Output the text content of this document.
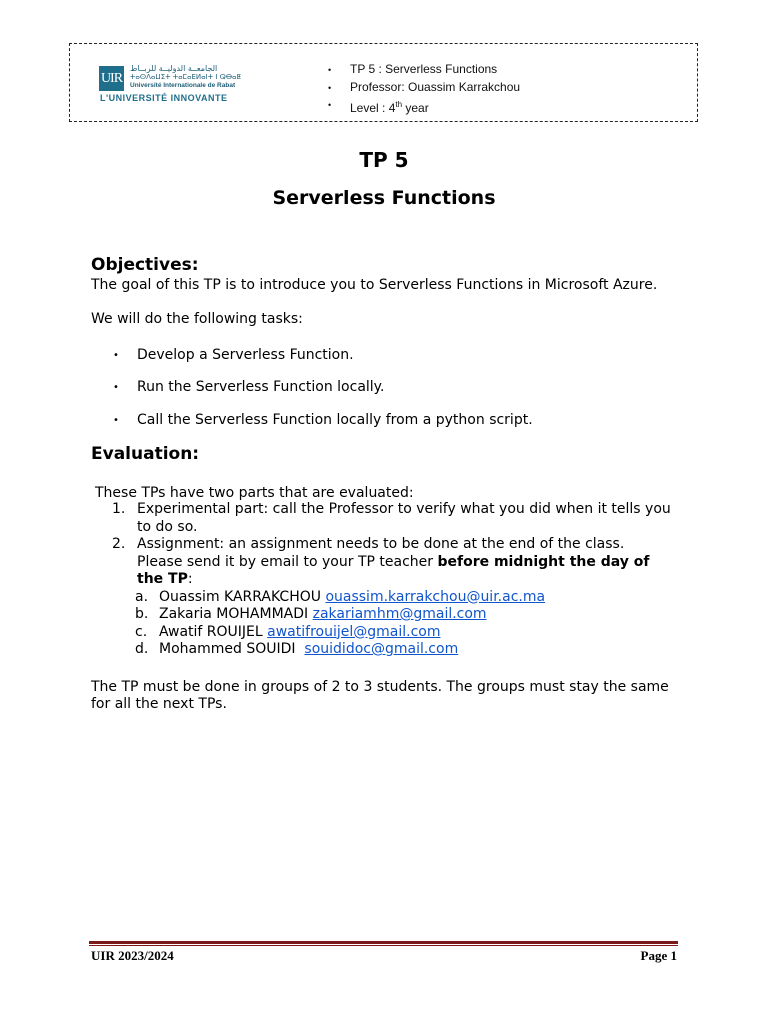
UIR
الجامعــة الدوليــة للربــاط
ⵜⴰⵙⴷⴰⵡⵉⵜ ⵜⴰⵎⴰⴹⵍⴰⵏⵜ ⵏ ⵕⴱⴰⵟ
Université Internationale de Rabat
L'UNIVERSITÉ INNOVANTE
• TP 5 : Serverless Functions
• Professor: Ouassim Karrakchou
• Level : 4th year
TP 5
Serverless Functions
Objectives:
The goal of this TP is to introduce you to Serverless Functions in Microsoft Azure.
We will do the following tasks:
• Develop a Serverless Function.
• Run the Serverless Function locally.
• Call the Serverless Function locally from a python script.
Evaluation:
These TPs have two parts that are evaluated:
1. Experimental part: call the Professor to verify what you did when it tells you to do so.
2. Assignment: an assignment needs to be done at the end of the class. Please send it by email to your TP teacher before midnight the day of the TP:
a. Ouassim KARRAKCHOU ouassim.karrakchou@uir.ac.ma
b. Zakaria MOHAMMADI zakariamhm@gmail.com
c. Awatif ROUIJEL awatifrouijel@gmail.com
d. Mohammed SOUIDI  souididoc@gmail.com
The TP must be done in groups of 2 to 3 students. The groups must stay the same for all the next TPs.
UIR 2023/2024	Page 1
